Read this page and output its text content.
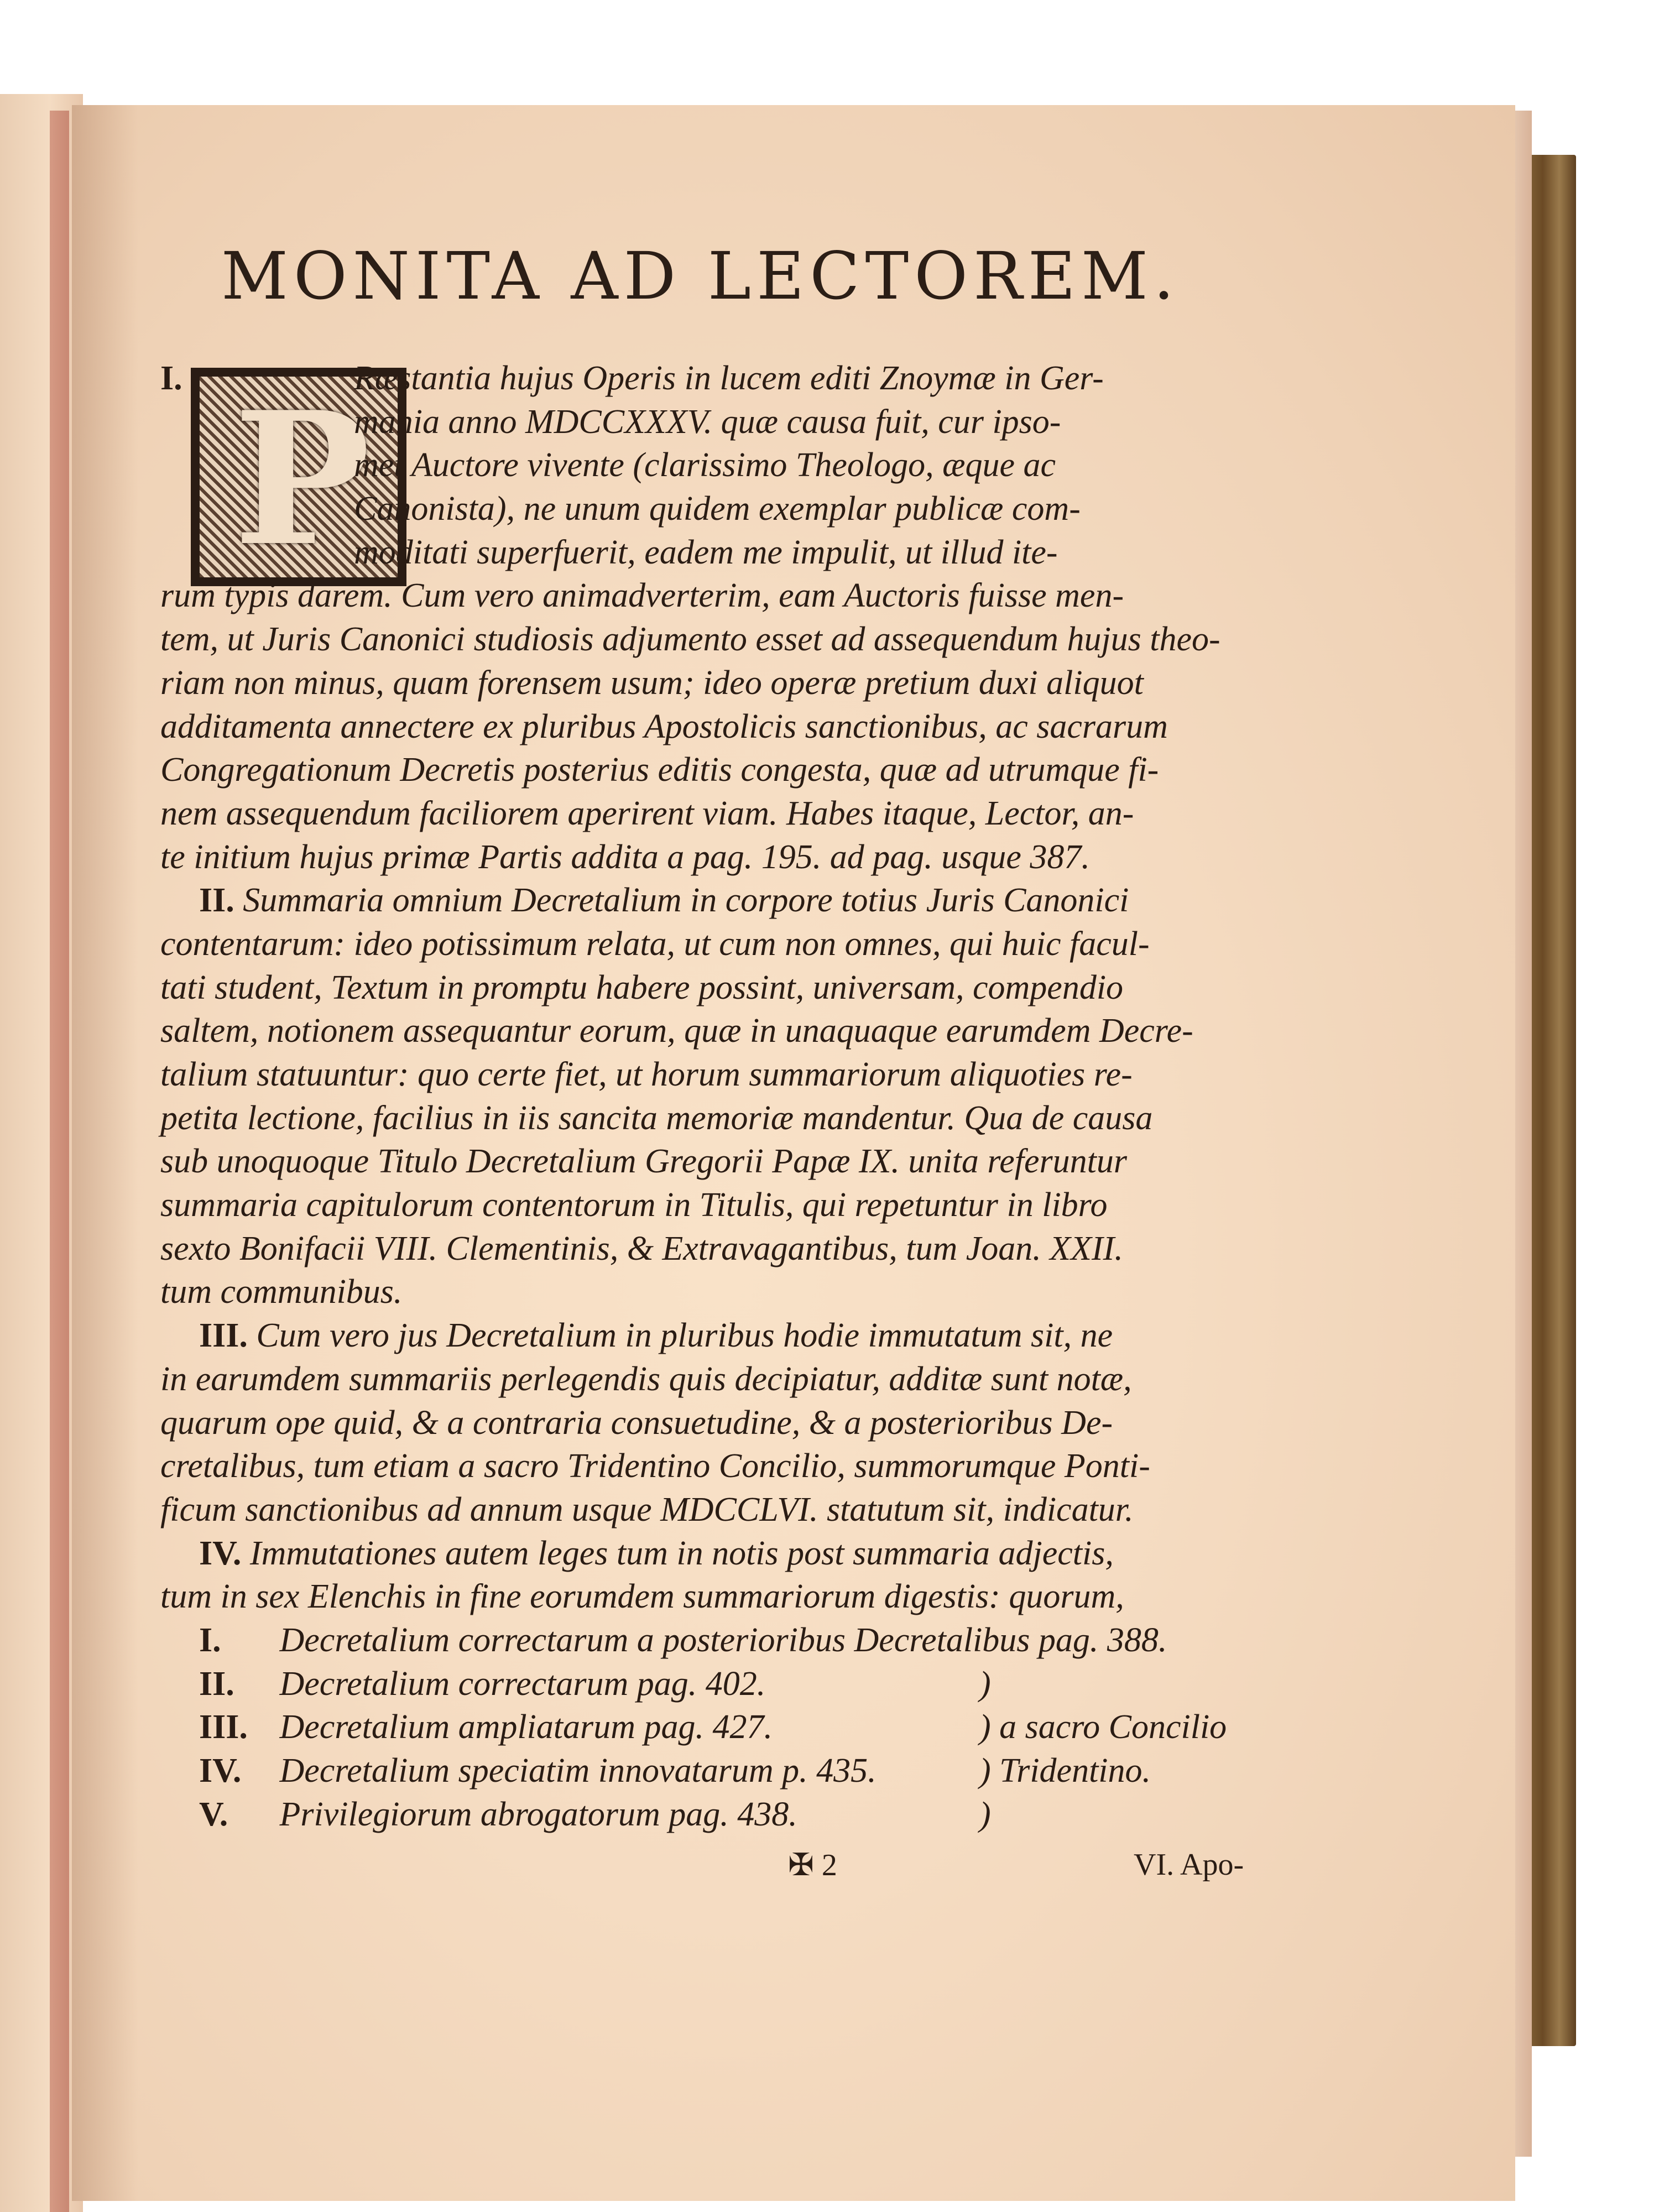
MONITA AD LECTOREM.
P
I.	Ræstantia hujus Operis in lucem editi Znoymæ in Ger-
mania anno MDCCXXXV. quæ causa fuit, cur ipso-
met Auctore vivente (clarissimo Theologo, æque ac
Canonista), ne unum quidem exemplar publicæ com-
moditati superfuerit, eadem me impulit, ut illud ite-
rum typis darem. Cum vero animadverterim, eam Auctoris fuisse men-
tem, ut Juris Canonici studiosis adjumento esset ad assequendum hujus theo-
riam non minus, quam forensem usum; ideo operæ pretium duxi aliquot
additamenta annectere ex pluribus Apostolicis sanctionibus, ac sacrarum
Congregationum Decretis posterius editis congesta, quæ ad utrumque fi-
nem assequendum faciliorem aperirent viam. Habes itaque, Lector, an-
te initium hujus primæ Partis addita a pag. 195. ad pag. usque 387.
II. Summaria omnium Decretalium in corpore totius Juris Canonici
contentarum: ideo potissimum relata, ut cum non omnes, qui huic facul-
tati student, Textum in promptu habere possint, universam, compendio
saltem, notionem assequantur eorum, quæ in unaquaque earumdem Decre-
talium statuuntur: quo certe fiet, ut horum summariorum aliquoties re-
petita lectione, facilius in iis sancita memoriæ mandentur. Qua de causa
sub unoquoque Titulo Decretalium Gregorii Papæ IX. unita referuntur
summaria capitulorum contentorum in Titulis, qui repetuntur in libro
sexto Bonifacii VIII. Clementinis, & Extravagantibus, tum Joan. XXII.
tum communibus.
III. Cum vero jus Decretalium in pluribus hodie immutatum sit, ne
in earumdem summariis perlegendis quis decipiatur, additæ sunt notæ,
quarum ope quid, & a contraria consuetudine, & a posterioribus De-
cretalibus, tum etiam a sacro Tridentino Concilio, summorumque Ponti-
ficum sanctionibus ad annum usque MDCCLVI. statutum sit, indicatur.
IV. Immutationes autem leges tum in notis post summaria adjectis,
tum in sex Elenchis in fine eorumdem summariorum digestis: quorum,
I. Decretalium correctarum a posterioribus Decretalibus pag. 388.
II. Decretalium correctarum pag. 402.	)
III. Decretalium ampliatarum pag. 427.	) a sacro Concilio
IV. Decretalium speciatim innovatarum p. 435.	) Tridentino.
V. Privilegiorum abrogatorum pag. 438.	)
✠ 2	VI. Apo-
